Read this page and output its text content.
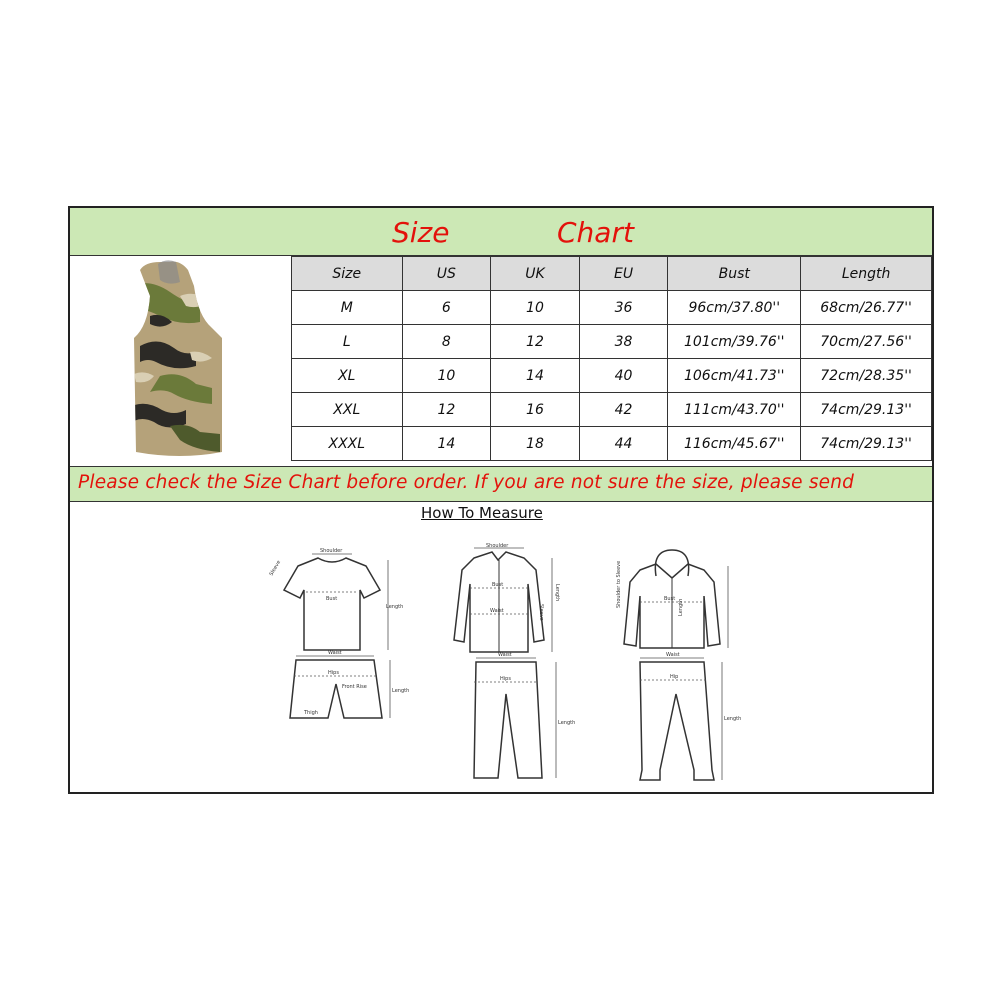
Size	Chart
Size	US	UK	EU	Bust	Length
M	6	10	36	96cm/37.80''	68cm/26.77''
L	8	12	38	101cm/39.76''	70cm/27.56''
XL	10	14	40	106cm/41.73''	72cm/28.35''
XXL	12	16	42	111cm/43.70''	74cm/29.13''
XXXL	14	18	44	116cm/45.67''	74cm/29.13''
Please check the Size Chart before order. If you are not sure the size, please send
How To Measure
Shoulder
Sleeve
Bust
Length
Waist
Hips
Front Rise
Thigh
Length
Shoulder
Bust
Waist	Sleeve
Length
Waist
Hips
Length
Shoulder to Sleeve	Bust Length
Waist
Hip
Length
